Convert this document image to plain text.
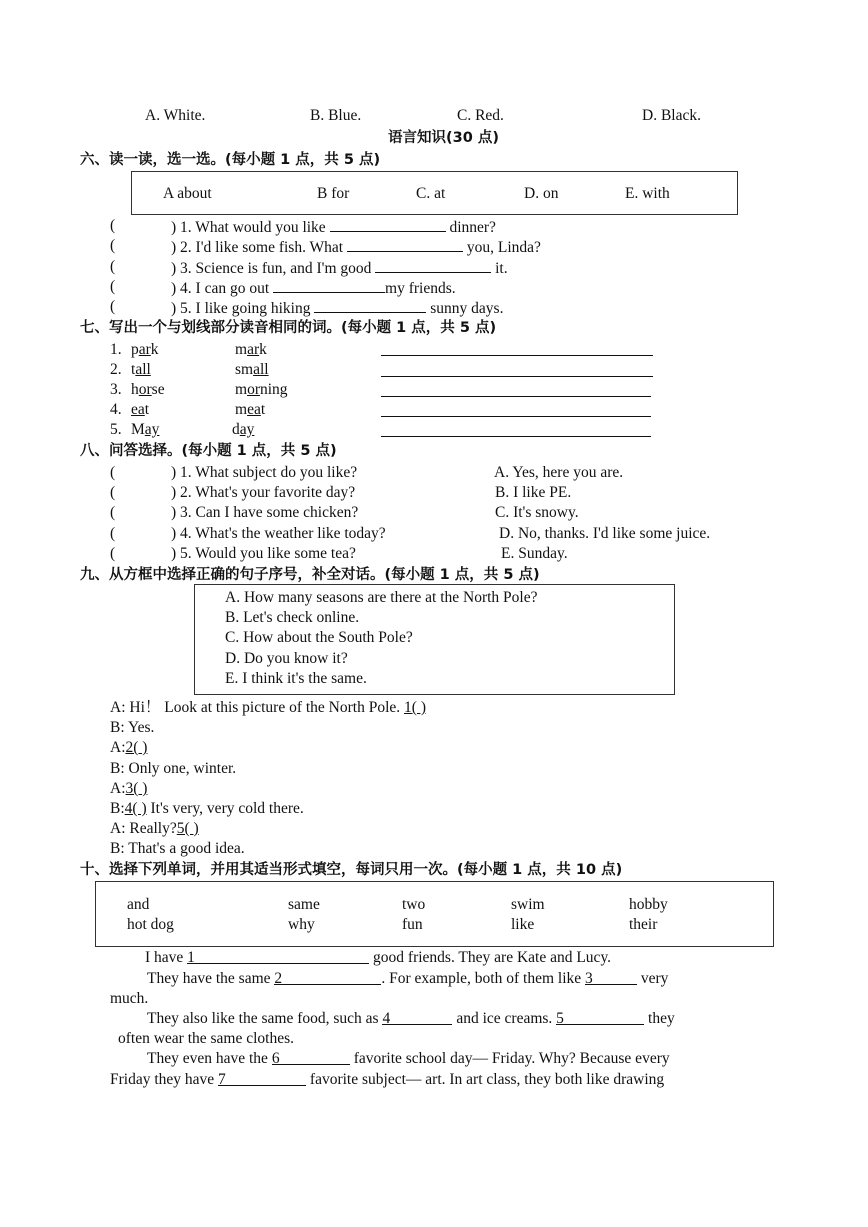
A. White.	B. Blue.	C. Red.	D. Black.
语言知识(30 点)
六、读一读，选一选。(每小题 1 点，共 5 点)
A about	B for	C. at	D. on	E. with
(	) 1. What would you like	dinner?
(	) 2. I'd like some fish. What	you, Linda?
(	) 3. Science is fun, and I'm good	it.
(	) 4. I can go out	my friends.
(	) 5. I like going hiking	sunny days.
七、写出一个与划线部分读音相同的词。(每小题 1 点，共 5 点)
1. park	mark
2. tall	small
3. horse	morning
4. eat	meat
5. May	day
八、问答选择。(每小题 1 点，共 5 点)
(	) 1. What subject do you like?	A. Yes, here you are.
(	) 2. What's your favorite day?	B. I like PE.
(	) 3. Can I have some chicken?	C. It's snowy.
(	) 4. What's the weather like today?	D. No, thanks. I'd like some juice.
(	) 5. Would you like some tea?	E. Sunday.
九、从方框中选择正确的句子序号，补全对话。(每小题 1 点，共 5 点)
A. How many seasons are there at the North Pole?
B. Let's check online.
C. How about the South Pole?
D. Do you know it?
E. I think it's the same.
A: Hi！ Look at this picture of the North Pole. 1( )
B: Yes.
A:2( )
B: Only one, winter.
A:3( )
B:4( ) It's very, very cold there.
A: Really?5( )
B: That's a good idea.
十、选择下列单词，并用其适当形式填空，每词只用一次。(每小题 1 点，共 10 点)
and	same	two	swim	hobby
hot dog	why	fun	like	their
I have 1	good friends. They are Kate and Lucy.
They have the same 2	. For example, both of them like 3	very
much.
They also like the same food, such as 4	and ice creams. 5	they
often wear the same clothes.
They even have the 6	favorite school day— Friday. Why? Because every
Friday they have 7	favorite subject— art. In art class, they both like drawing
